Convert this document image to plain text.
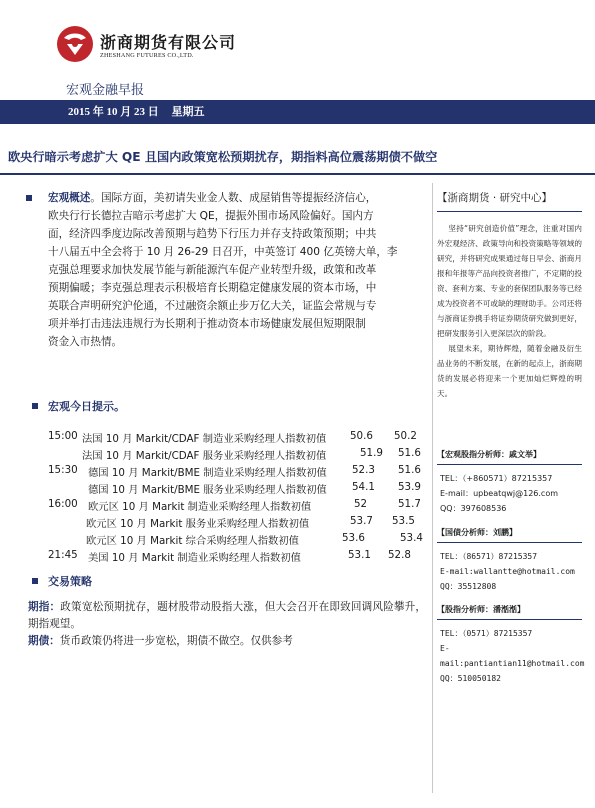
浙商期货有限公司
ZHESHANG FUTURES CO.,LTD.
宏观金融早报
2015 年 10 月 23 日 星期五
欧央行暗示考虑扩大 QE 且国内政策宽松预期扰存，期指料高位震荡期债不做空
宏观概述。国际方面，美初请失业金人数、成屋销售等提振经济信心，
欧央行行长德拉吉暗示考虑扩大 QE，提振外围市场风险偏好。国内方
面，经济四季度边际改善预期与趋势下行压力并存支持政策预期；中共
十八届五中全会将于 10 月 26-29 日召开，中英签订 400 亿英镑大单，李
克强总理要求加快发展节能与新能源汽车促产业转型升级，政策和改革
预期偏暖；李克强总理表示积极培育长期稳定健康发展的资本市场，中
英联合声明研究沪伦通，不过融资余额止步万亿大关，证监会常规与专
项并举打击违法违规行为长期利于推动资本市场健康发展但短期限制
资金入市热情。
宏观今日提示 。
15:00 法国 10 月 Markit/CDAF 制造业采购经理人指数初值 50.6 50.2
法国 10 月 Markit/CDAF 服务业采购经理人指数初值	51.9 51.6
15:30 德国 10 月 Markit/BME 制造业采购经理人指数初值 52.3 51.6
德国 10 月 Markit/BME 服务业采购经理人指数初值 54.1 53.9
16:00 欧元区 10 月 Markit 制造业采购经理人指数初值	52	51.7
欧元区 10 月 Markit 服务业采购经理人指数初值	53.7 53.5
欧元区 10 月 Markit 综合采购经理人指数初值	53.6	53.4
21:45 美国 10 月 Markit 制造业采购经理人指数初值	53.1 52.8
交易策略
期指：政策宽松预期扰存，题材股带动股指大涨，但大会召开在即致回调风险攀升，期指观望。
期债：货币政策仍将进一步宽松，期债不做空。仅供参考
【浙商期货 · 研究中心】

坚持“研究创造价值”理念，注重对国内外宏观经济、政策导向和投资策略等领域的研究，并将研究成果通过每日早会、浙商月报和年报等产品向投资者推广，不定期的投资、套利方案、专业的套保团队服务等已经成为投资者不可或缺的理财助手。公司还将与浙商证券携手将证券期货研究做到更好，把研发服务引入更深层次的阶段。

展望未来，期待辉煌，随着金融及衍生品业务的不断发展，在新的起点上，浙商期货的发展必将迎来一个更加灿烂辉煌的明天。

【宏观股指分析师：戚文举】
TEL：（+860571）87215357
E-mail：upbeatqwj@126.com
QQ：397608536
【国债分析师：刘鹏】
TEL：（86571）87215357
E-mail:wallantte@hotmail.com
QQ：35512808
【股指分析师：潘湉湉】
TEL：（0571）87215357
E-mail:pantiantian11@hotmail.com
QQ：510050182
